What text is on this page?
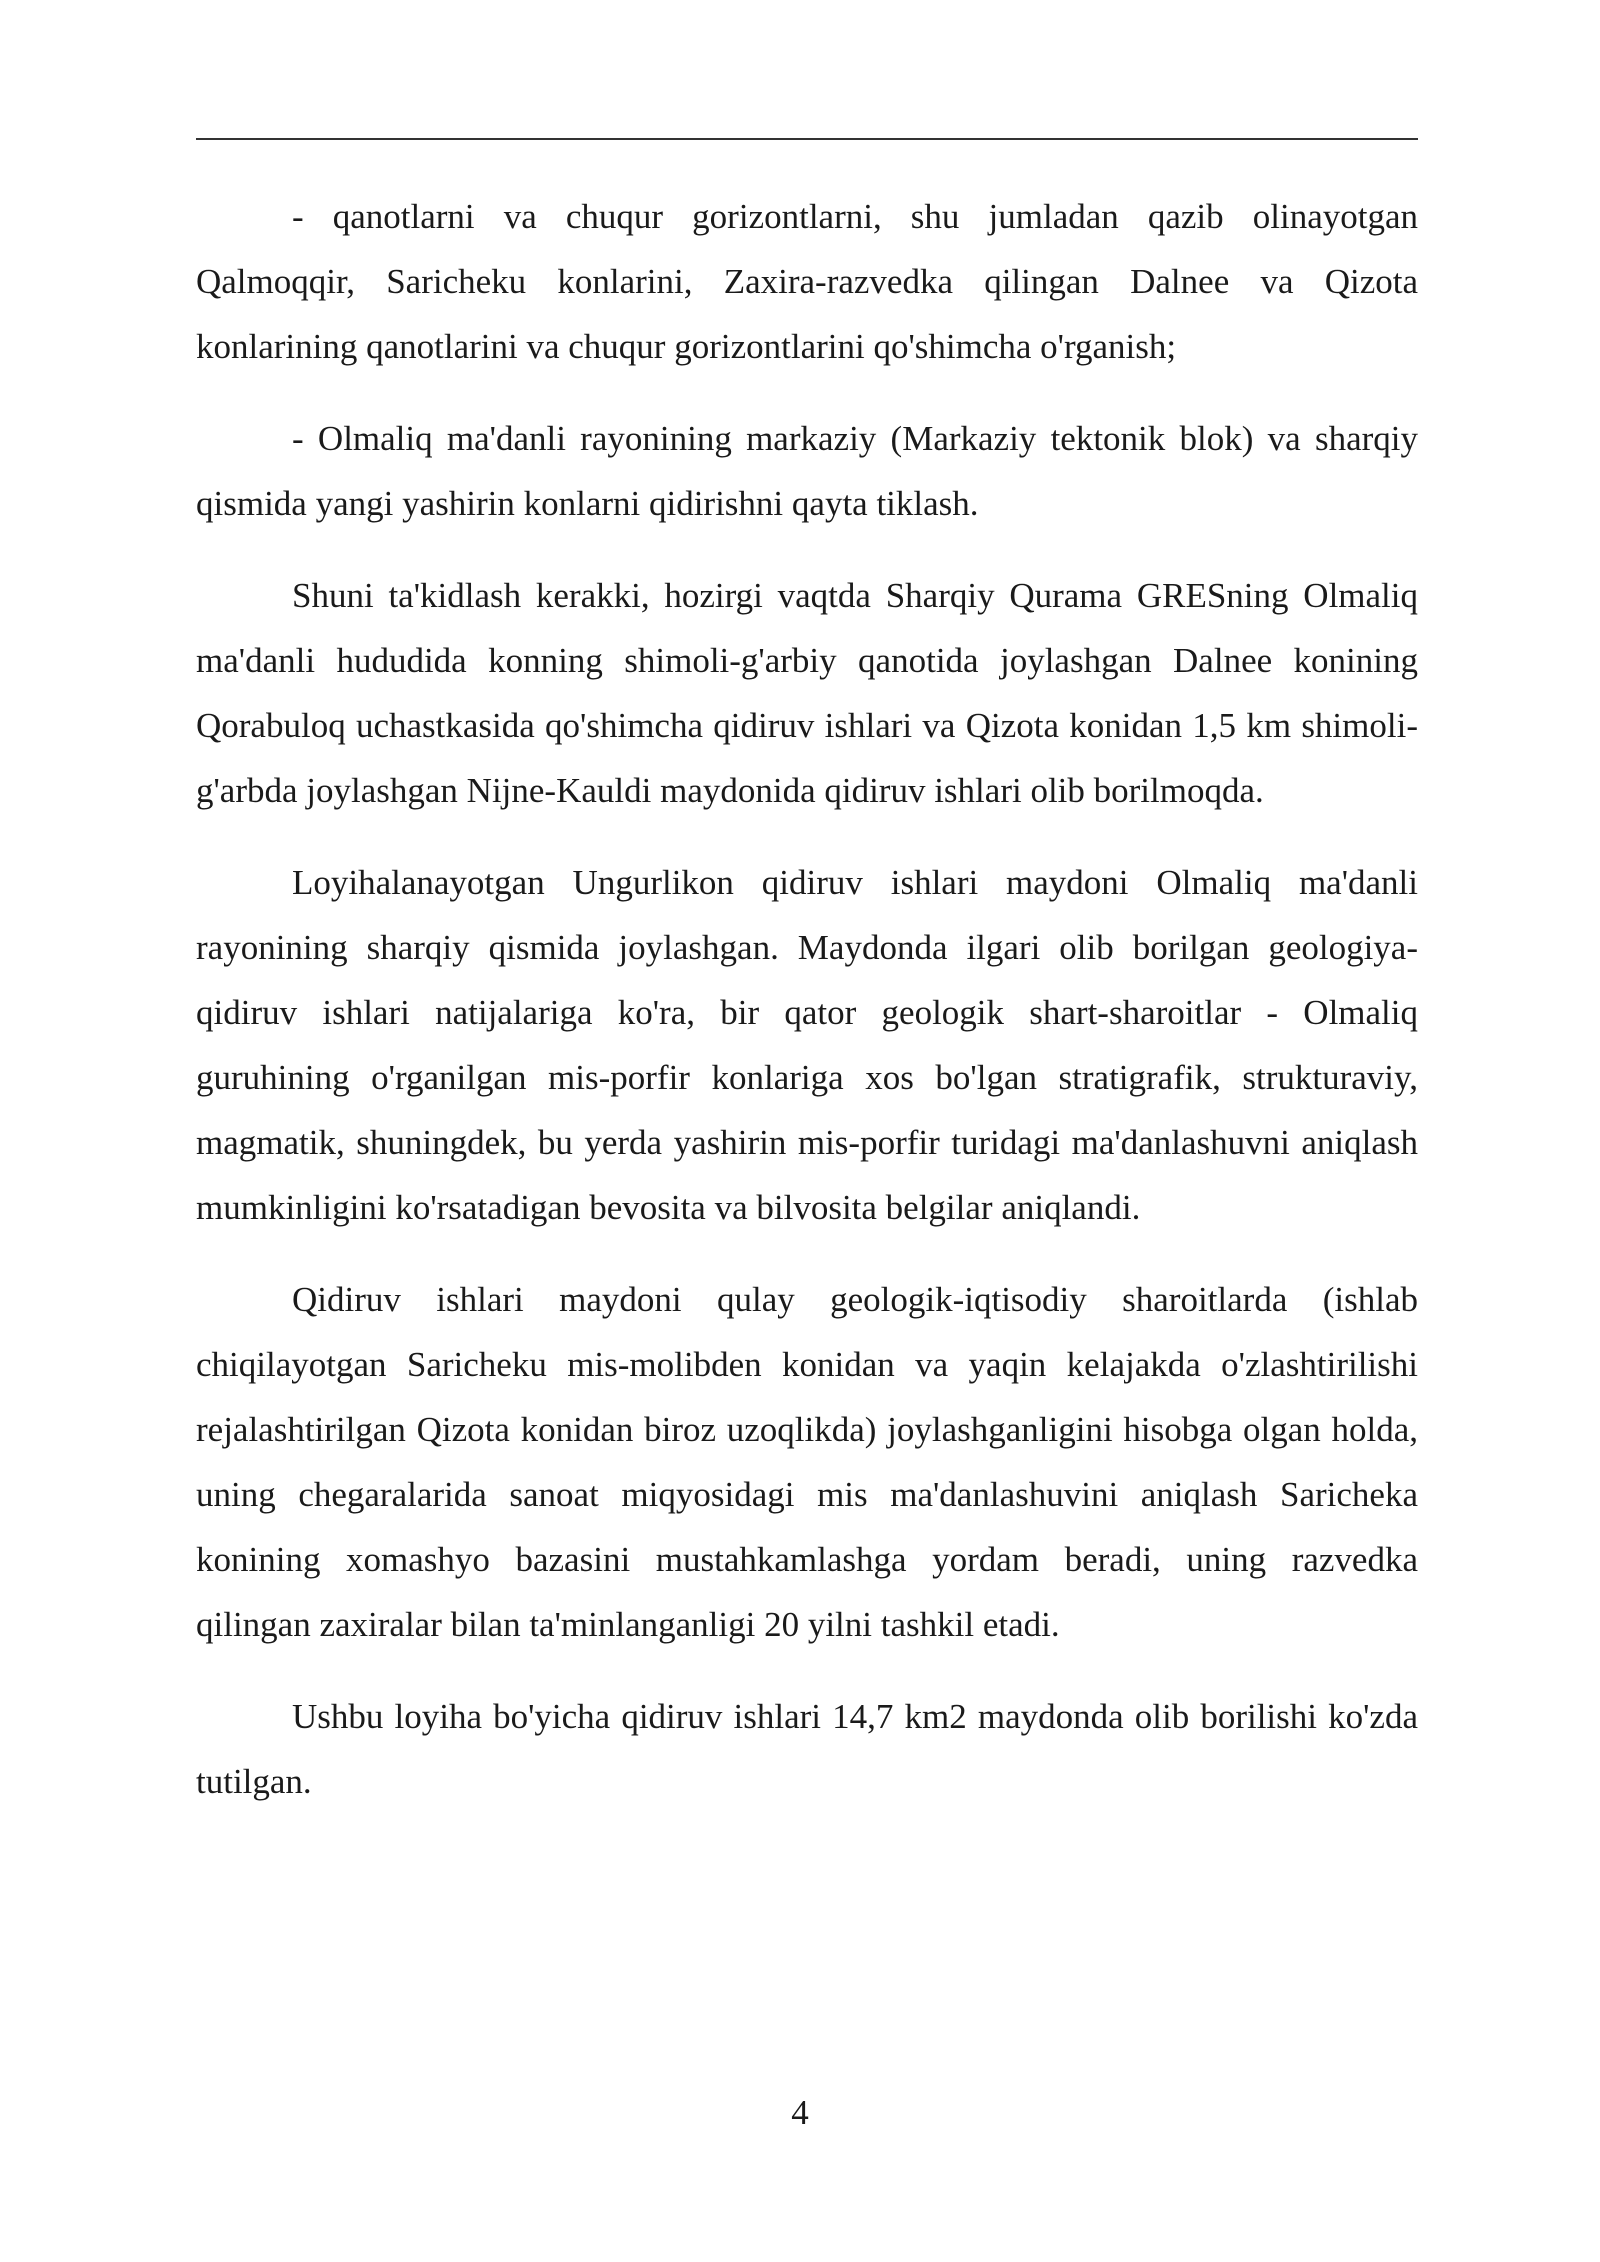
- qanotlarni va chuqur gorizontlarni, shu jumladan qazib olinayotgan Qalmoqqir, Saricheku konlarini, Zaxira-razvedka qilingan Dalnee va Qizota konlarining qanotlarini va chuqur gorizontlarini qo'shimcha o'rganish;

- Olmaliq ma'danli rayonining markaziy (Markaziy tektonik blok) va sharqiy qismida yangi yashirin konlarni qidirishni qayta tiklash.

Shuni ta'kidlash kerakki, hozirgi vaqtda Sharqiy Qurama GRESning Olmaliq ma'danli hududida konning shimoli-g'arbiy qanotida joylashgan Dalnee konining Qorabuloq uchastkasida qo'shimcha qidiruv ishlari va Qizota konidan 1,5 km shimoli-g'arbda joylashgan Nijne-Kauldi maydonida qidiruv ishlari olib borilmoqda.

Loyihalanayotgan Ungurlikon qidiruv ishlari maydoni Olmaliq ma'danli rayonining sharqiy qismida joylashgan. Maydonda ilgari olib borilgan geologiya-qidiruv ishlari natijalariga ko'ra, bir qator geologik shart-sharoitlar - Olmaliq guruhining o'rganilgan mis-porfir konlariga xos bo'lgan stratigrafik, strukturaviy, magmatik, shuningdek, bu yerda yashirin mis-porfir turidagi ma'danlashuvni aniqlash mumkinligini ko'rsatadigan bevosita va bilvosita belgilar aniqlandi.

Qidiruv ishlari maydoni qulay geologik-iqtisodiy sharoitlarda (ishlab chiqilayotgan Saricheku mis-molibden konidan va yaqin kelajakda o'zlashtirilishi rejalashtirilgan Qizota konidan biroz uzoqlikda) joylashganligini hisobga olgan holda, uning chegaralarida sanoat miqyosidagi mis ma'danlashuvini aniqlash Saricheka konining xomashyo bazasini mustahkamlashga yordam beradi, uning razvedka qilingan zaxiralar bilan ta'minlanganligi 20 yilni tashkil etadi.

Ushbu loyiha bo'yicha qidiruv ishlari 14,7 km2 maydonda olib borilishi ko'zda tutilgan.

4
